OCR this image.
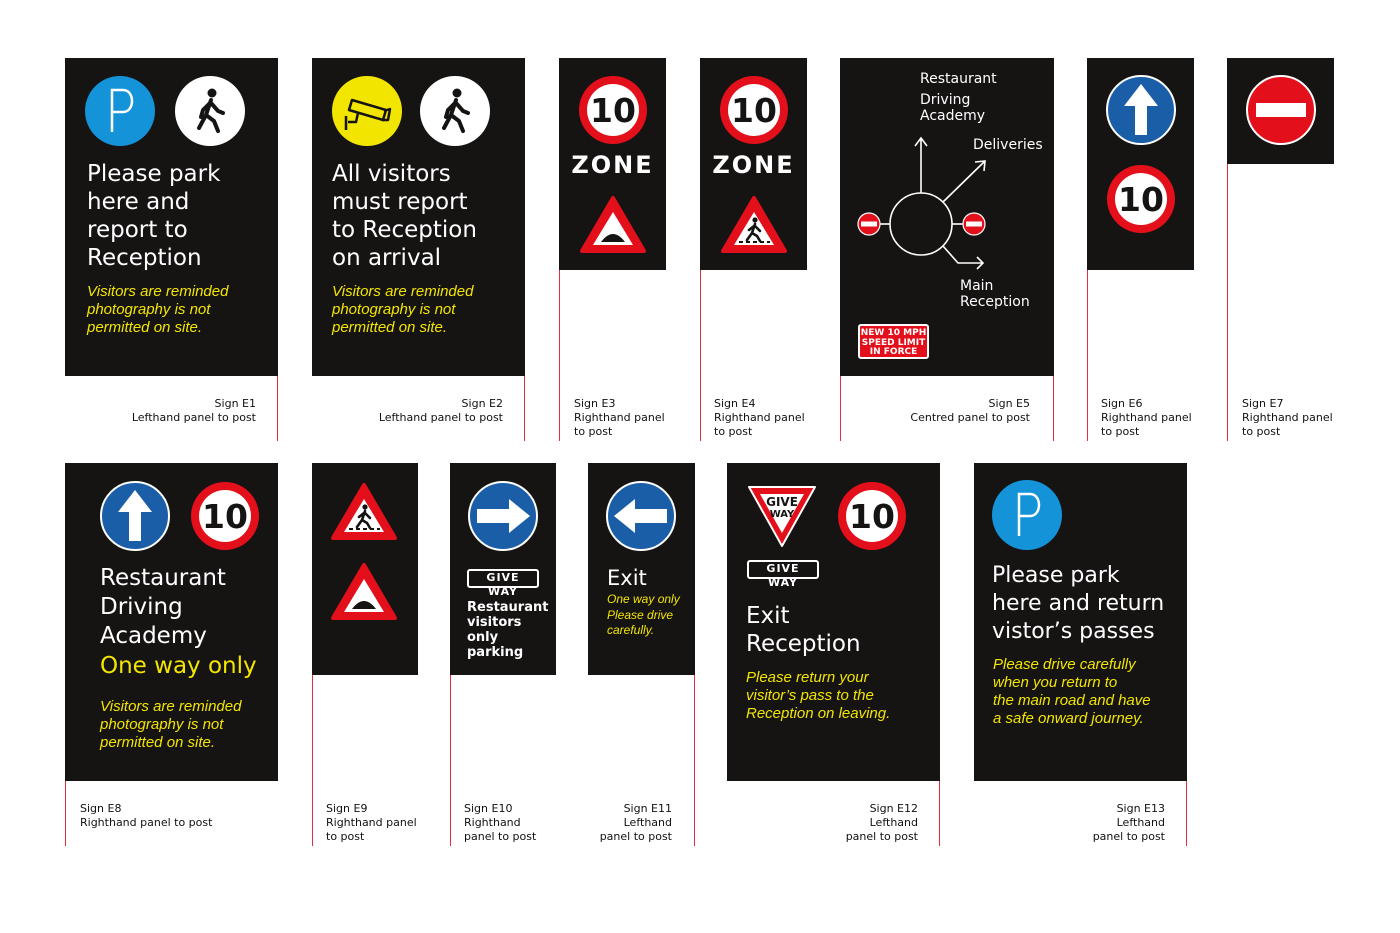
Please park
here and
report to
Reception
Visitors are reminded
photography is not
permitted on site.
Sign E1
Lefthand panel to post
All visitors
must report
to Reception
on arrival
Visitors are reminded
photography is not
permitted on site.
Sign E2
Lefthand panel to post
10
ZONE
Sign E3
Righthand panel
to post
10
ZONE
Sign E4
Righthand panel
to post
Restaurant
Driving
Academy
Deliveries
Main
Reception
NEW 10 MPH
SPEED LIMIT
IN FORCE
Sign E5
Centred panel to post
10
Sign E6
Righthand panel
to post
Sign E7
Righthand panel
to post
10
Restaurant
Driving
Academy
One way only
Visitors are reminded
photography is not
permitted on site.
Sign E8
Righthand panel to post
Sign E9
Righthand panel
to post
GIVE WAY
Restaurant
visitors only
parking
Sign E10
Righthand
panel to post
Exit
One way only
Please drive
carefully.
Sign E11
Lefthand
panel to post
GIVE
WAY 10
GIVE WAY
Exit
Reception
Please return your
visitor’s pass to the
Reception on leaving.
Sign E12
Lefthand
panel to post
Please park
here and return
vistor’s passes
Please drive carefully
when you return to
the main road and have
a safe onward journey.
Sign E13
Lefthand
panel to post
